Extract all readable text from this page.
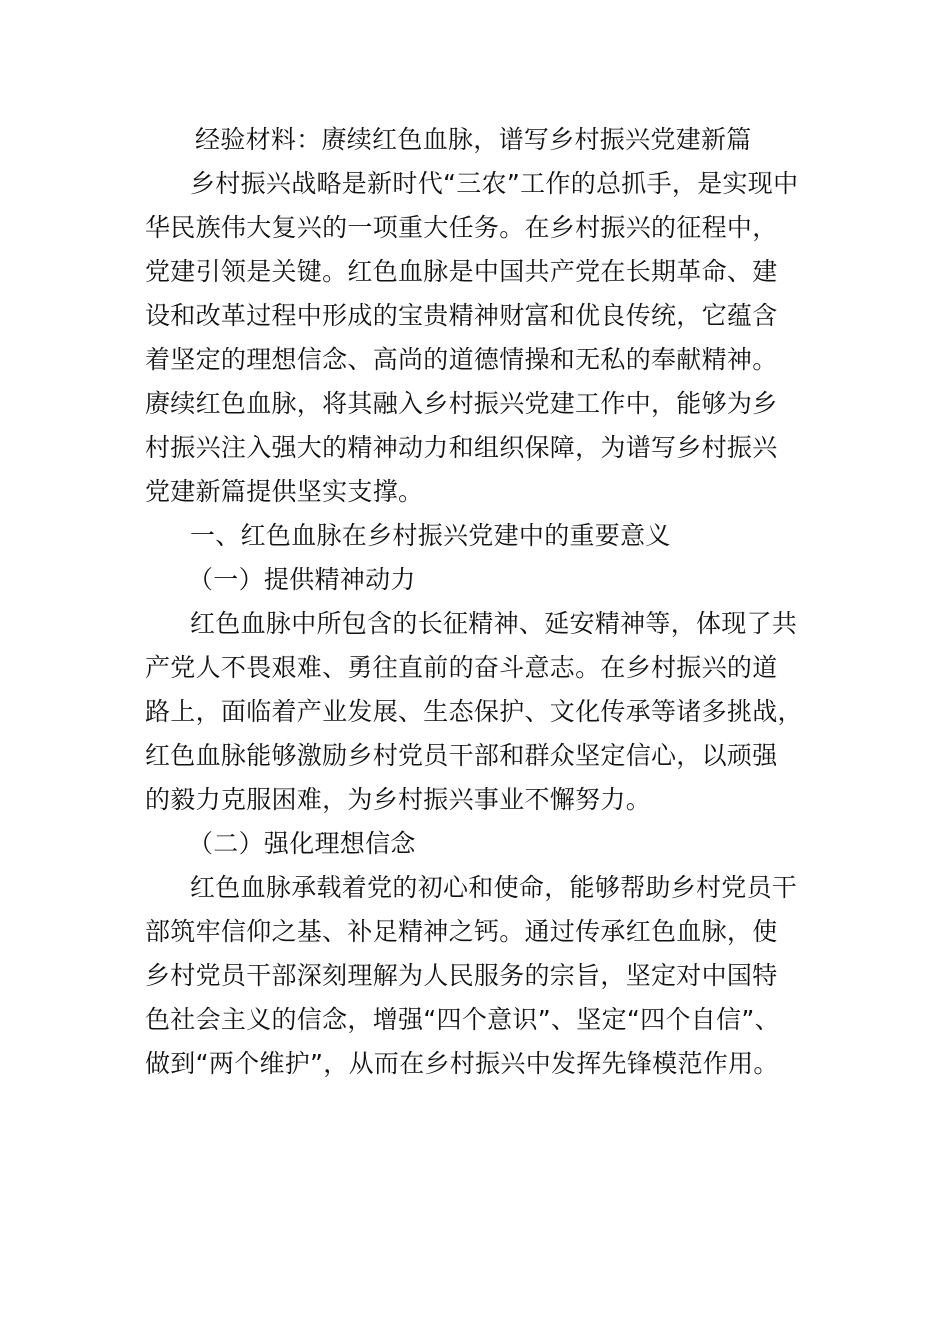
经验材料：赓续红色血脉，谱写乡村振兴党建新篇
乡村振兴战略是新时代“三农”工作的总抓手，是实现中
华民族伟大复兴的一项重大任务。在乡村振兴的征程中，
党建引领是关键。红色血脉是中国共产党在长期革命、建
设和改革过程中形成的宝贵精神财富和优良传统，它蕴含
着坚定的理想信念、高尚的道德情操和无私的奉献精神。
赓续红色血脉，将其融入乡村振兴党建工作中，能够为乡
村振兴注入强大的精神动力和组织保障，为谱写乡村振兴
党建新篇提供坚实支撑。
一、红色血脉在乡村振兴党建中的重要意义
（一）提供精神动力
红色血脉中所包含的长征精神、延安精神等，体现了共
产党人不畏艰难、勇往直前的奋斗意志。在乡村振兴的道
路上，面临着产业发展、生态保护、文化传承等诸多挑战，
红色血脉能够激励乡村党员干部和群众坚定信心，以顽强
的毅力克服困难，为乡村振兴事业不懈努力。
（二）强化理想信念
红色血脉承载着党的初心和使命，能够帮助乡村党员干
部筑牢信仰之基、补足精神之钙。通过传承红色血脉，使
乡村党员干部深刻理解为人民服务的宗旨，坚定对中国特
色社会主义的信念，增强“四个意识”、坚定“四个自信”、
做到“两个维护”，从而在乡村振兴中发挥先锋模范作用。
